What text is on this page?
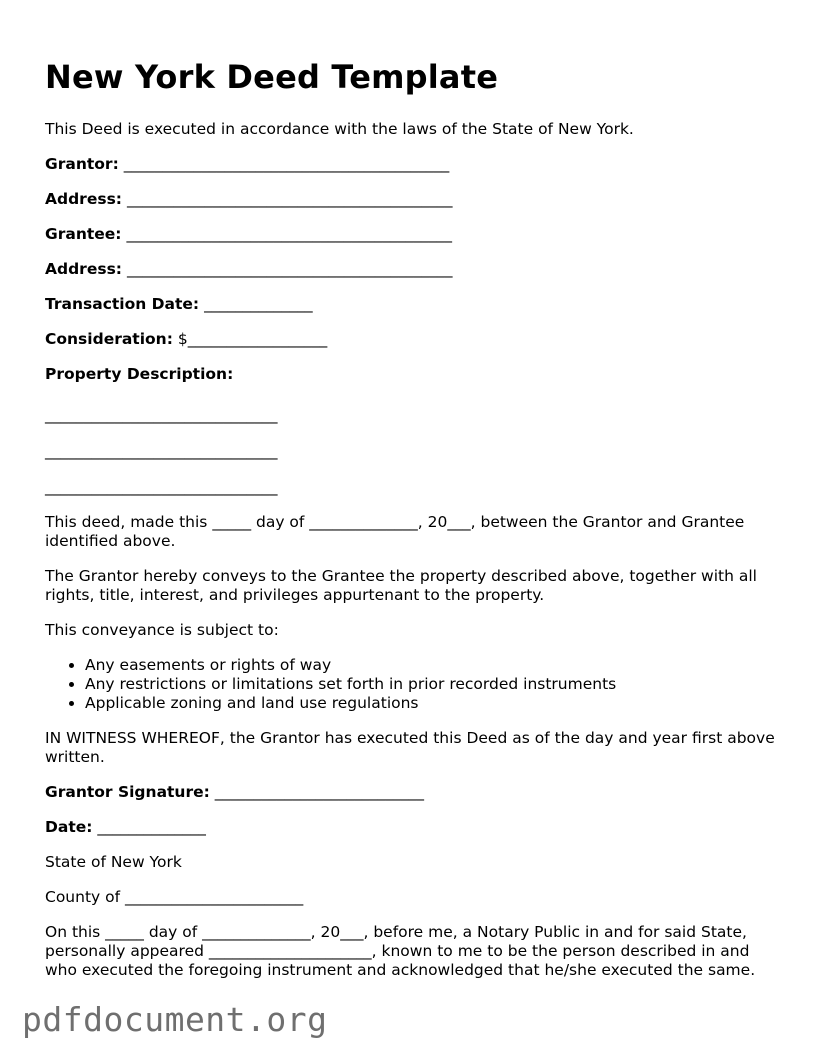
New York Deed Template

This Deed is executed in accordance with the laws of the State of New York.

Grantor: __________________________________________

Address: __________________________________________

Grantee: __________________________________________

Address: __________________________________________

Transaction Date: ______________

Consideration: $__________________

Property Description:

______________________________

______________________________

______________________________

This deed, made this _____ day of ______________, 20___, between the Grantor and Grantee identified above.

The Grantor hereby conveys to the Grantee the property described above, together with all rights, title, interest, and privileges appurtenant to the property.

This conveyance is subject to:

• Any easements or rights of way
• Any restrictions or limitations set forth in prior recorded instruments
• Applicable zoning and land use regulations

IN WITNESS WHEREOF, the Grantor has executed this Deed as of the day and year first above written.

Grantor Signature: ___________________________

Date: ______________

State of New York

County of _______________________

On this _____ day of ______________, 20___, before me, a Notary Public in and for said State, personally appeared _____________________, known to me to be the person described in and who executed the foregoing instrument and acknowledged that he/she executed the same.

pdfdocument.org
